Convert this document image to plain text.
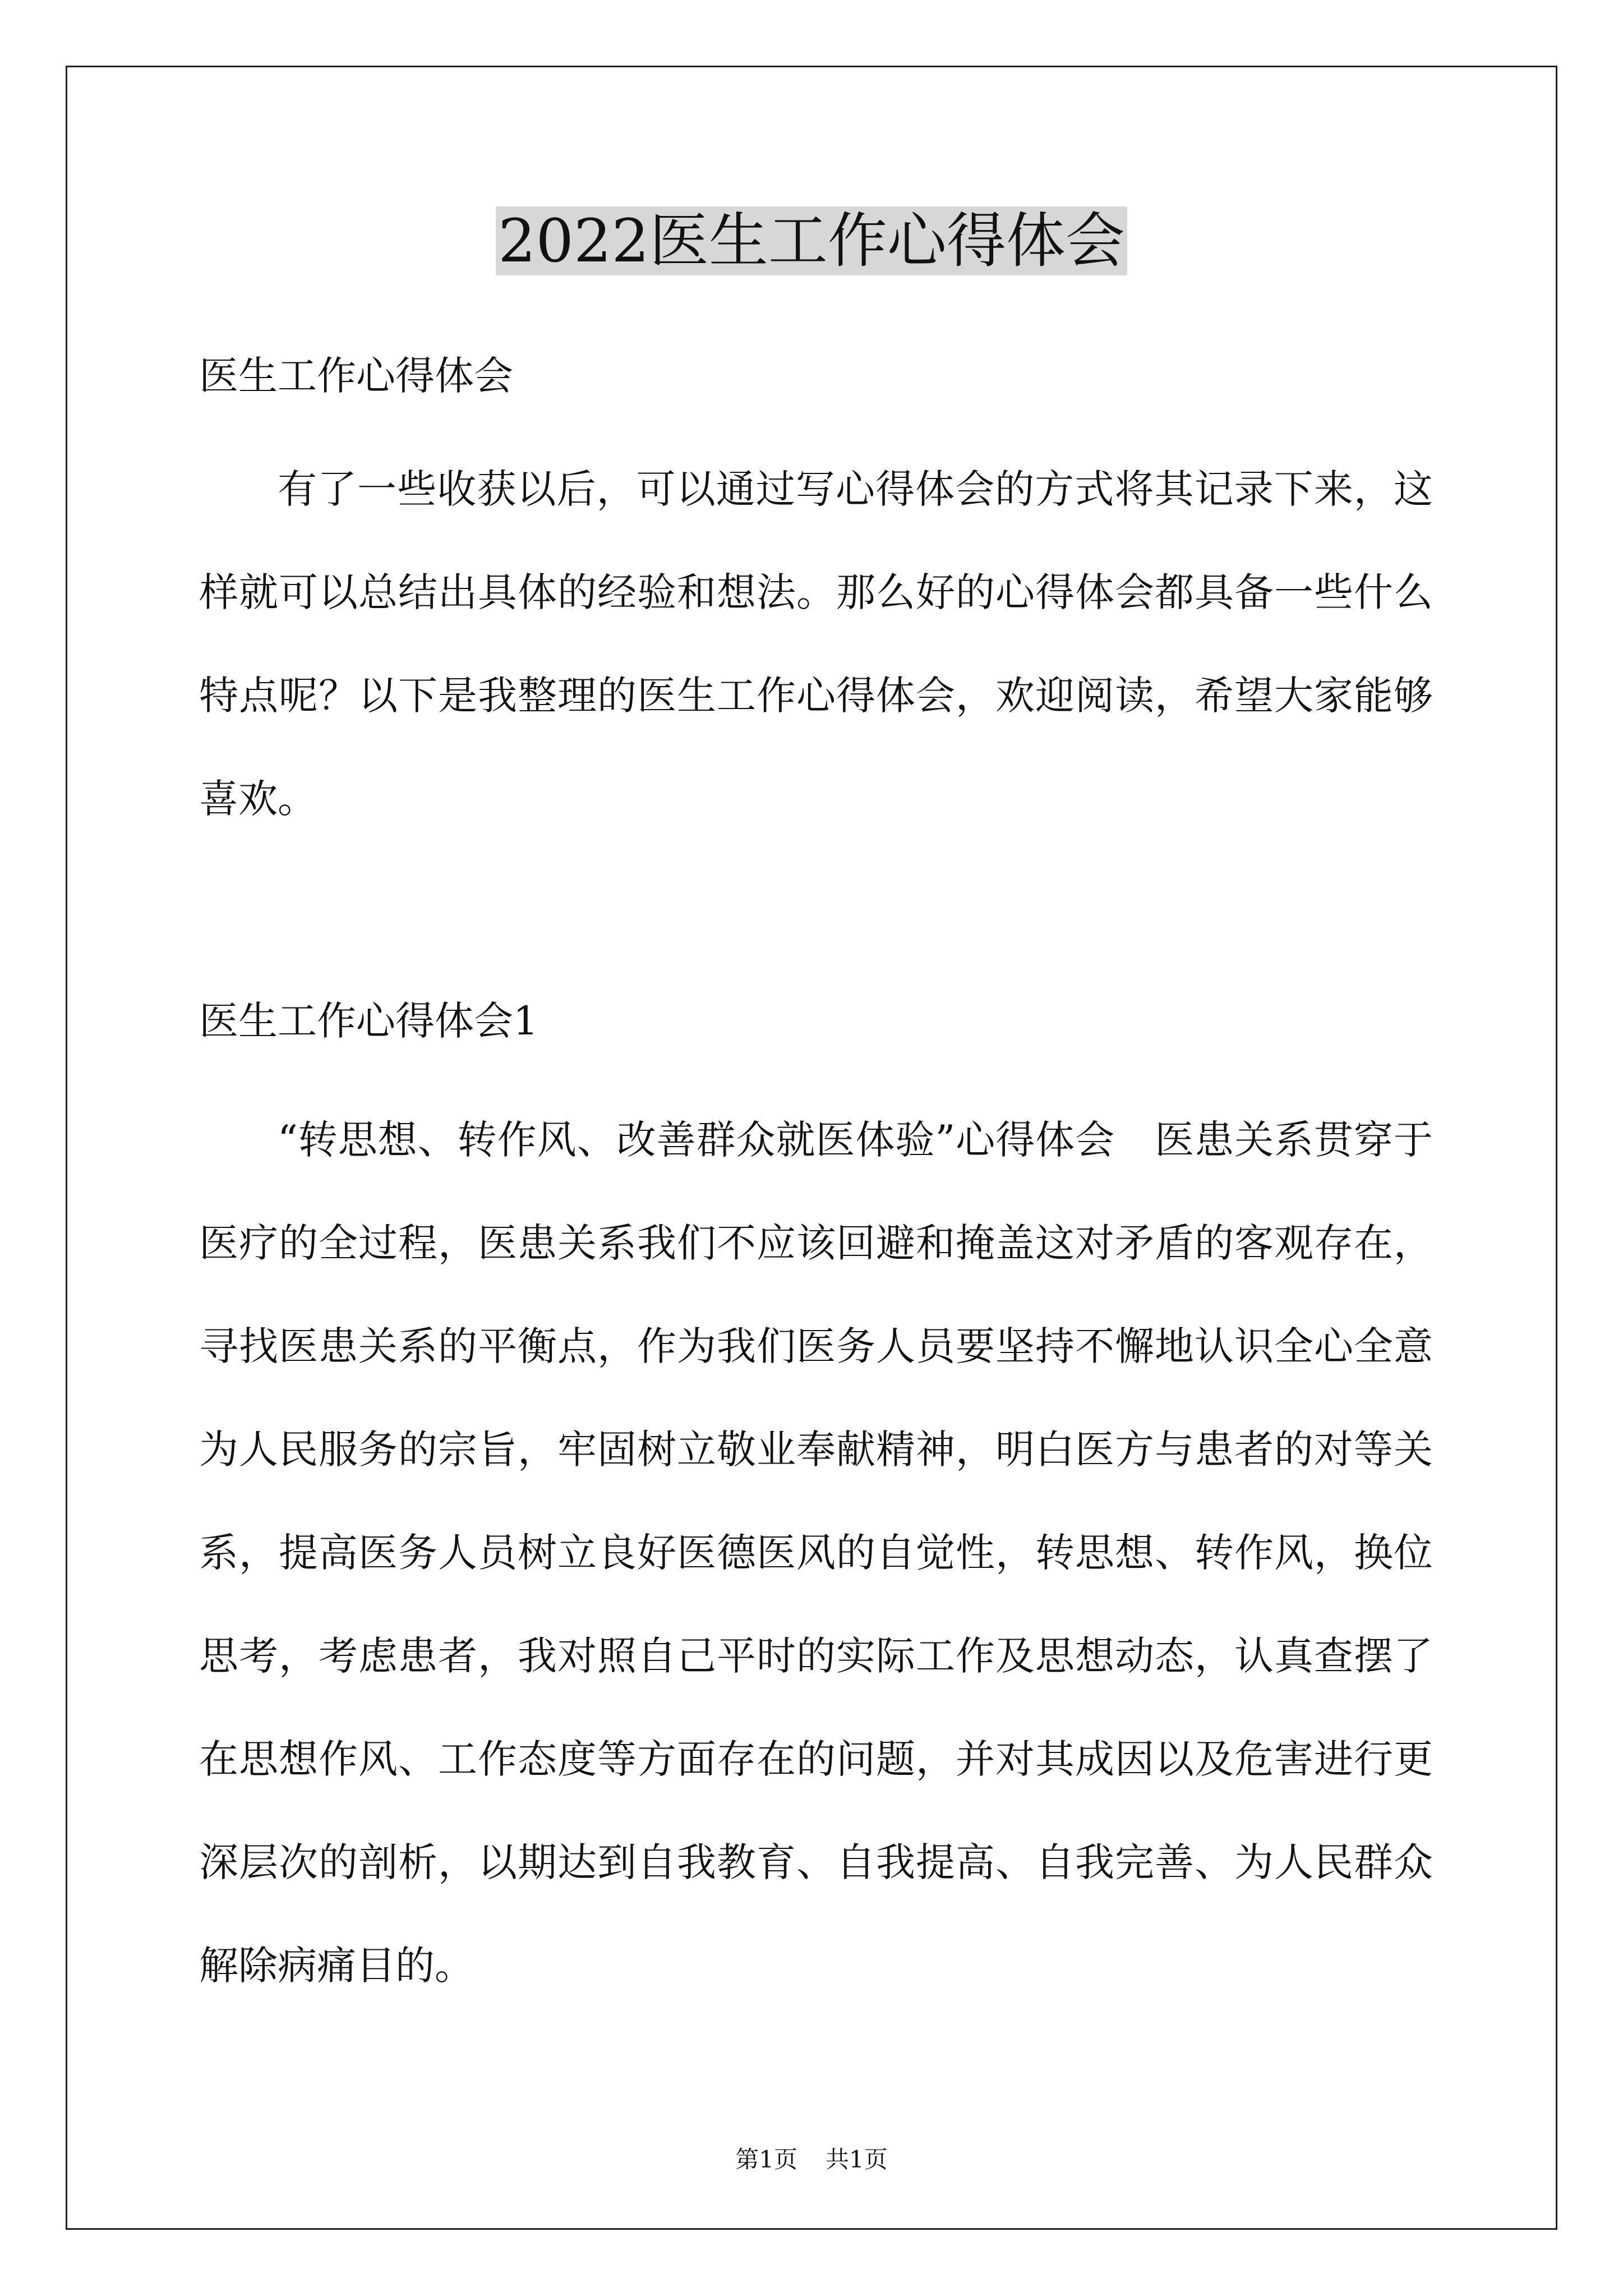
2022医生工作心得体会

医生工作心得体会

有了一些收获以后，可以通过写心得体会的方式将其记录下来，这样就可以总结出具体的经验和想法。那么好的心得体会都具备一些什么特点呢？以下是我整理的医生工作心得体会，欢迎阅读，希望大家能够喜欢。

医生工作心得体会1

“转思想、转作风、改善群众就医体验”心得体会　医患关系贯穿于医疗的全过程，医患关系我们不应该回避和掩盖这对矛盾的客观存在，寻找医患关系的平衡点，作为我们医务人员要坚持不懈地认识全心全意为人民服务的宗旨，牢固树立敬业奉献精神，明白医方与患者的对等关系，提高医务人员树立良好医德医风的自觉性，转思想、转作风，换位思考，考虑患者，我对照自己平时的实际工作及思想动态，认真查摆了在思想作风、工作态度等方面存在的问题，并对其成因以及危害进行更深层次的剖析，以期达到自我教育、自我提高、自我完善、为人民群众解除病痛目的。

第1页 共1页
